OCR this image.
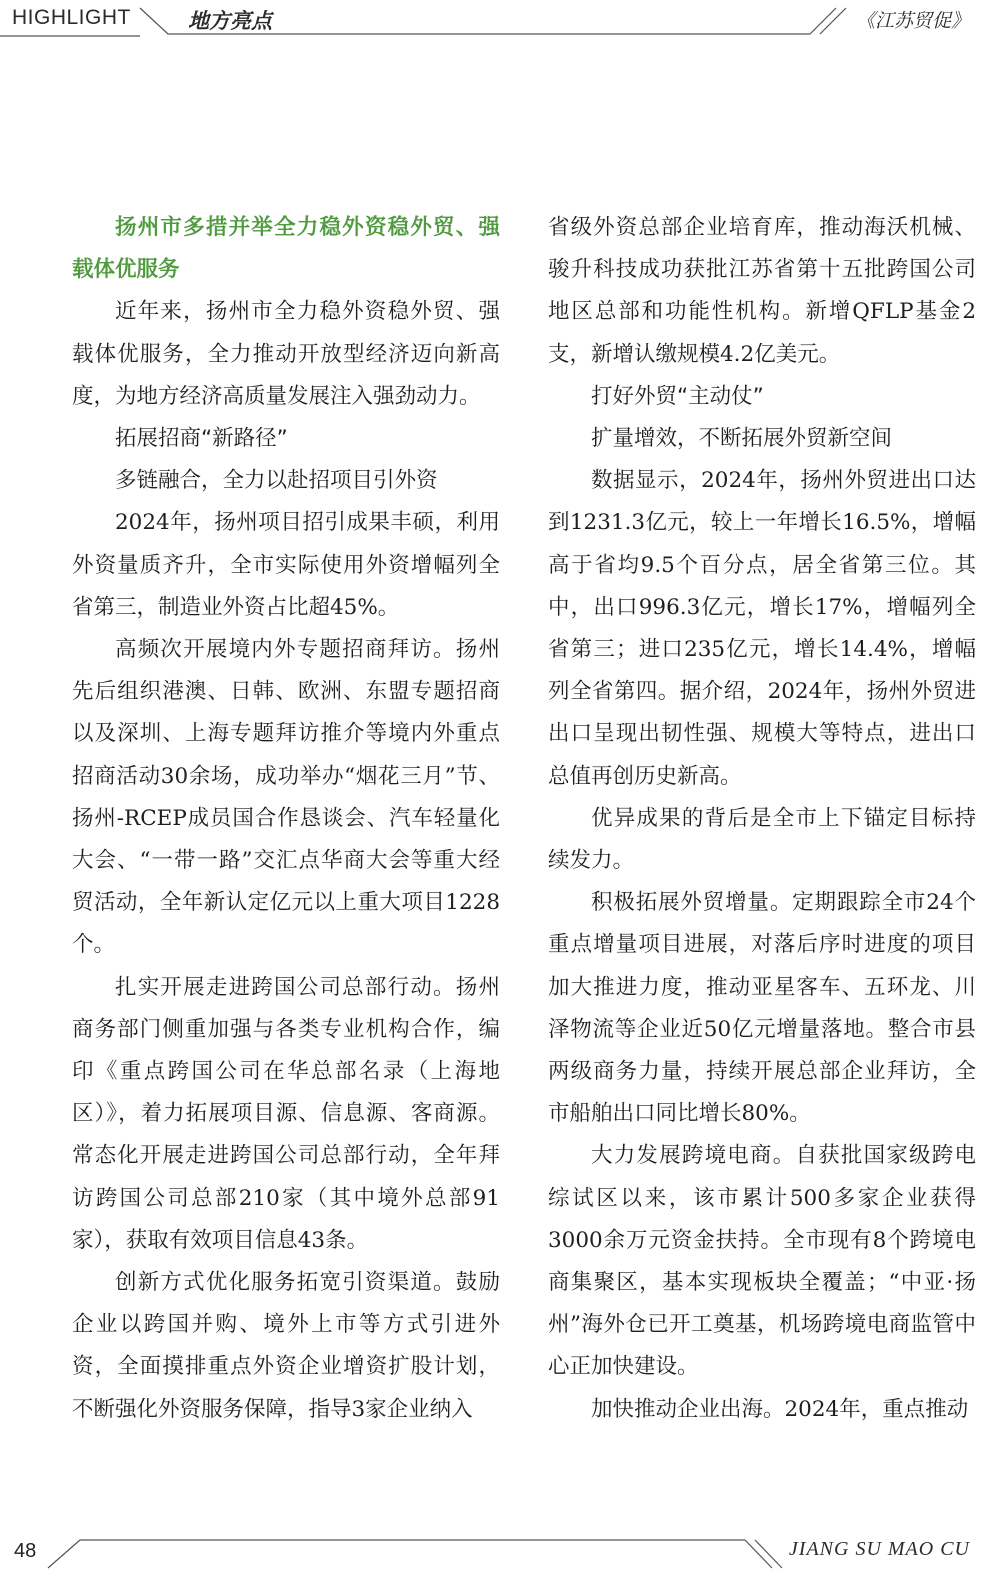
HIGHLIGHT	地方亮点	《江苏贸促》

扬州市多措并举全力稳外资稳外贸、强载体优服务

近年来，扬州市全力稳外资稳外贸、强载体优服务，全力推动开放型经济迈向新高度，为地方经济高质量发展注入强劲动力。

拓展招商“新路径”

多链融合，全力以赴招项目引外资

2024年，扬州项目招引成果丰硕，利用外资量质齐升，全市实际使用外资增幅列全省第三，制造业外资占比超45%。

高频次开展境内外专题招商拜访。扬州先后组织港澳、日韩、欧洲、东盟专题招商以及深圳、上海专题拜访推介等境内外重点招商活动30余场，成功举办“烟花三月”节、扬州-RCEP成员国合作恳谈会、汽车轻量化大会、“一带一路”交汇点华商大会等重大经贸活动，全年新认定亿元以上重大项目1228个。

扎实开展走进跨国公司总部行动。扬州商务部门侧重加强与各类专业机构合作，编印《重点跨国公司在华总部名录（上海地区）》，着力拓展项目源、信息源、客商源。常态化开展走进跨国公司总部行动，全年拜访跨国公司总部210家（其中境外总部91家），获取有效项目信息43条。

创新方式优化服务拓宽引资渠道。鼓励企业以跨国并购、境外上市等方式引进外资，全面摸排重点外资企业增资扩股计划，不断强化外资服务保障，指导3家企业纳入

省级外资总部企业培育库，推动海沃机械、骏升科技成功获批江苏省第十五批跨国公司地区总部和功能性机构。新增QFLP基金2支，新增认缴规模4.2亿美元。

打好外贸“主动仗”

扩量增效，不断拓展外贸新空间

数据显示，2024年，扬州外贸进出口达到1231.3亿元，较上一年增长16.5%，增幅高于省均9.5个百分点，居全省第三位。其中，出口996.3亿元，增长17%，增幅列全省第三；进口235亿元，增长14.4%，增幅列全省第四。据介绍，2024年，扬州外贸进出口呈现出韧性强、规模大等特点，进出口总值再创历史新高。

优异成果的背后是全市上下锚定目标持续发力。

积极拓展外贸增量。定期跟踪全市24个重点增量项目进展，对落后序时进度的项目加大推进力度，推动亚星客车、五环龙、川泽物流等企业近50亿元增量落地。整合市县两级商务力量，持续开展总部企业拜访，全市船舶出口同比增长80%。

大力发展跨境电商。自获批国家级跨电综试区以来，该市累计500多家企业获得3000余万元资金扶持。全市现有8个跨境电商集聚区，基本实现板块全覆盖；“中亚·扬州”海外仓已开工奠基，机场跨境电商监管中心正加快建设。

加快推动企业出海。2024年，重点推动

48	JIANG SU MAO CU
